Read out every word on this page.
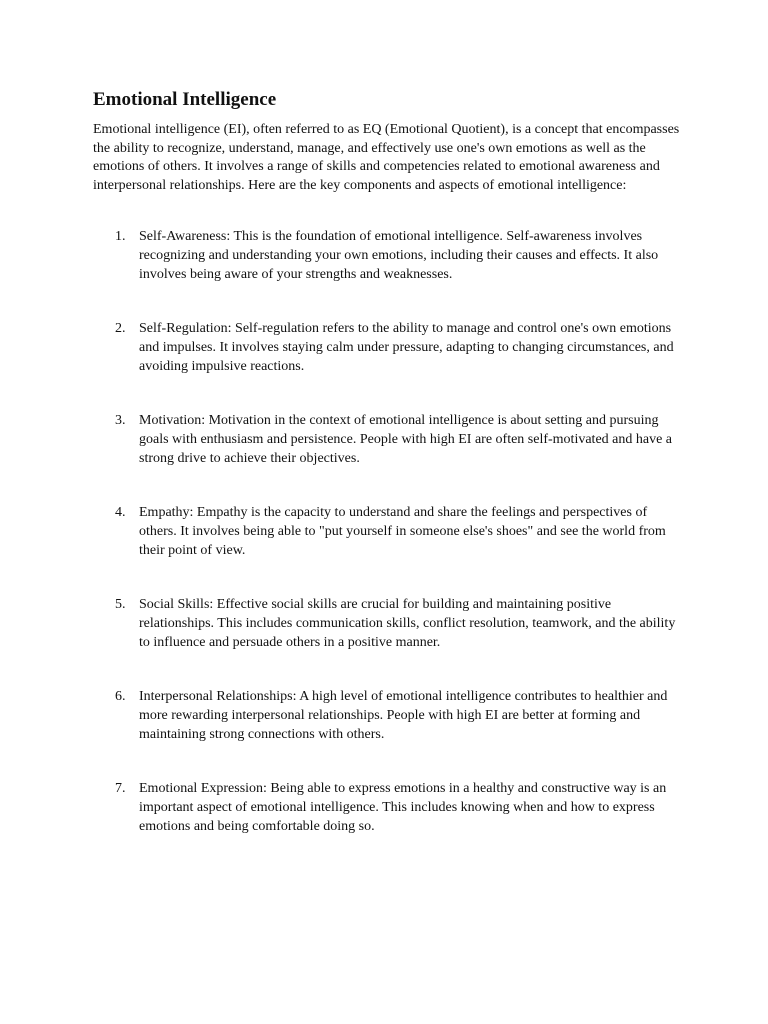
Emotional Intelligence

Emotional intelligence (EI), often referred to as EQ (Emotional Quotient), is a concept that encompasses the ability to recognize, understand, manage, and effectively use one's own emotions as well as the emotions of others. It involves a range of skills and competencies related to emotional awareness and interpersonal relationships. Here are the key components and aspects of emotional intelligence:

1. Self-Awareness: This is the foundation of emotional intelligence. Self-awareness involves recognizing and understanding your own emotions, including their causes and effects. It also involves being aware of your strengths and weaknesses.
2. Self-Regulation: Self-regulation refers to the ability to manage and control one's own emotions and impulses. It involves staying calm under pressure, adapting to changing circumstances, and avoiding impulsive reactions.
3. Motivation: Motivation in the context of emotional intelligence is about setting and pursuing goals with enthusiasm and persistence. People with high EI are often self-motivated and have a strong drive to achieve their objectives.
4. Empathy: Empathy is the capacity to understand and share the feelings and perspectives of others. It involves being able to "put yourself in someone else's shoes" and see the world from their point of view.
5. Social Skills: Effective social skills are crucial for building and maintaining positive relationships. This includes communication skills, conflict resolution, teamwork, and the ability to influence and persuade others in a positive manner.
6. Interpersonal Relationships: A high level of emotional intelligence contributes to healthier and more rewarding interpersonal relationships. People with high EI are better at forming and maintaining strong connections with others.
7. Emotional Expression: Being able to express emotions in a healthy and constructive way is an important aspect of emotional intelligence. This includes knowing when and how to express emotions and being comfortable doing so.
